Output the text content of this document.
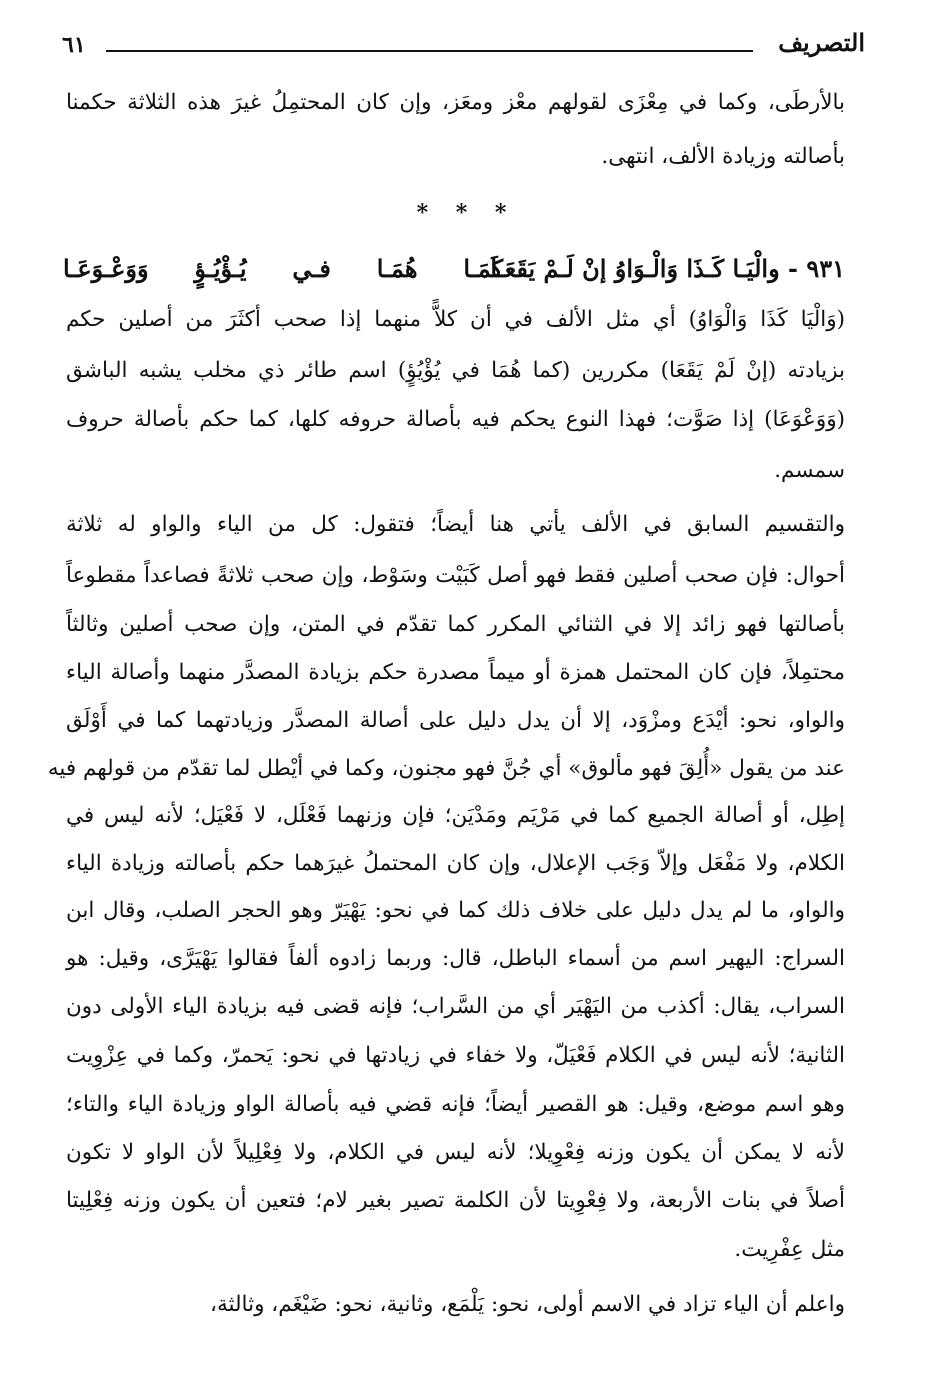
٦١	التصريف
بالأرطَى، وكما في مِعْزَى لقولهم معْز ومعَز، وإن كان المحتمِلُ غيرَ هذه الثلاثة حكمنا
بأصالته وزيادة الألف، انتهى.
* * *
٩٣١ - والْيَـا كَـذَا وَالْـوَاوُ إنْ لَـمْ يَقَعَـا
كَمَـا هُمَـا فـي يُـؤْيُـؤٍ وَوَعْـوَعَـا
(وَالْيَا كَذَا وَالْوَاوُ) أي مثل الألف في أن كلاًّ منهما إذا صحب أكثَرَ من أصلين حكم
بزيادته (إنْ لَمْ يَقَعَا) مكررين (كما هُمَا في يُؤْيُؤٍ) اسم طائر ذي مخلب يشبه الباشق
(وَوَعْوَعَا) إذا صَوَّت؛ فهذا النوع يحكم فيه بأصالة حروفه كلها، كما حكم بأصالة حروف
سمسم.
والتقسيم السابق في الألف يأتي هنا أيضاً؛ فتقول: كل من الياء والواو له ثلاثة
أحوال: فإن صحب أصلين فقط فهو أصل كَبَيْت وسَوْط، وإن صحب ثلاثةً فصاعداً مقطوعاً
بأصالتها فهو زائد إلا في الثنائي المكرر كما تقدّم في المتن، وإن صحب أصلين وثالثاً
محتمِلاً، فإن كان المحتمل همزة أو ميماً مصدرة حكم بزيادة المصدَّر منهما وأصالة الياء
والواو، نحو: أيْدَع ومزْوَد، إلا أن يدل دليل على أصالة المصدَّر وزيادتهما كما في أَوْلَق
عند من يقول «أُلِقَ فهو مألوق» أي جُنَّ فهو مجنون، وكما في أيْطل لما تقدّم من قولهم فيه
إطِل، أو أصالة الجميع كما في مَرْيَم ومَدْيَن؛ فإن وزنهما فَعْلَل، لا فَعْيَل؛ لأنه ليس في
الكلام، ولا مَفْعَل وإلاّ وَجَب الإعلال، وإن كان المحتملُ غيرَهما حكم بأصالته وزيادة الياء
والواو، ما لم يدل دليل على خلاف ذلك كما في نحو: يَهْيَرّ وهو الحجر الصلب، وقال ابن
السراج: اليهير اسم من أسماء الباطل، قال: وربما زادوه ألفاً فقالوا يَهْيَرَّى، وقيل: هو
السراب، يقال: أكذب من اليَهْيَر أي من السَّراب؛ فإنه قضى فيه بزيادة الياء الأولى دون
الثانية؛ لأنه ليس في الكلام فَعْيَلّ، ولا خفاء في زيادتها في نحو: يَحمرّ، وكما في عِزْوِيت
وهو اسم موضع، وقيل: هو القصير أيضاً؛ فإنه قضي فيه بأصالة الواو وزيادة الياء والتاء؛
لأنه لا يمكن أن يكون وزنه فِعْوِيلا؛ لأنه ليس في الكلام، ولا فِعْلِيلاً لأن الواو لا تكون
أصلاً في بنات الأربعة، ولا فِعْوِيتا لأن الكلمة تصير بغير لام؛ فتعين أن يكون وزنه فِعْلِيتا
مثل عِفْرِيت.
واعلم أن الياء تزاد في الاسم أولى، نحو: يَلْمَع، وثانية، نحو: ضَيْغَم، وثالثة،
